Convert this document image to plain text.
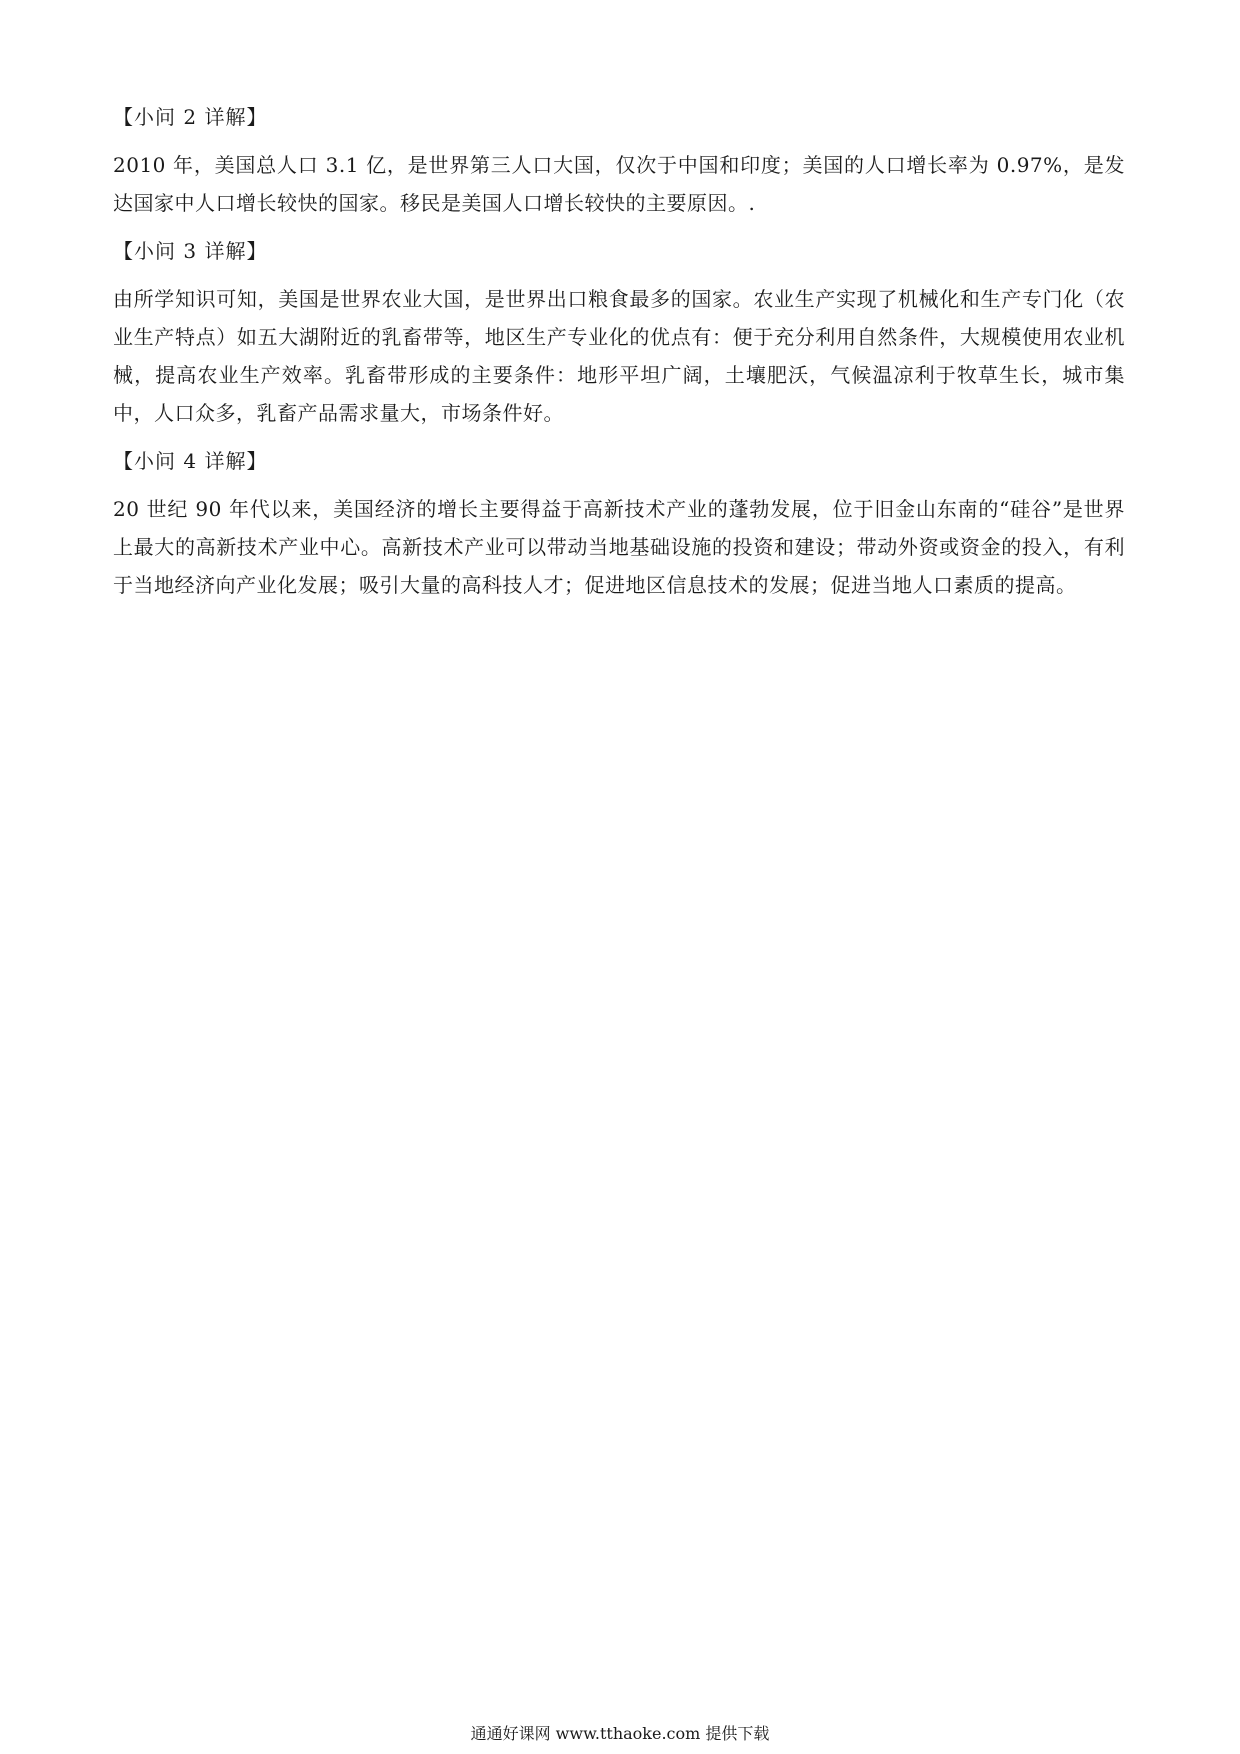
【小问 2 详解】

2010 年，美国总人口 3.1 亿，是世界第三人口大国，仅次于中国和印度；美国的人口增长率为 0.97%，是发达国家中人口增长较快的国家。移民是美国人口增长较快的主要原因。.

【小问 3 详解】

由所学知识可知，美国是世界农业大国，是世界出口粮食最多的国家。农业生产实现了机械化和生产专门化（农业生产特点）如五大湖附近的乳畜带等，地区生产专业化的优点有：便于充分利用自然条件，大规模使用农业机械，提高农业生产效率。乳畜带形成的主要条件：地形平坦广阔，土壤肥沃，气候温凉利于牧草生长，城市集中，人口众多，乳畜产品需求量大，市场条件好。

【小问 4 详解】

20 世纪 90 年代以来，美国经济的增长主要得益于高新技术产业的蓬勃发展，位于旧金山东南的“硅谷”是世界上最大的高新技术产业中心。高新技术产业可以带动当地基础设施的投资和建设；带动外资或资金的投入，有利于当地经济向产业化发展；吸引大量的高科技人才；促进地区信息技术的发展；促进当地人口素质的提高。

通通好课网 www.tthaoke.com 提供下载
